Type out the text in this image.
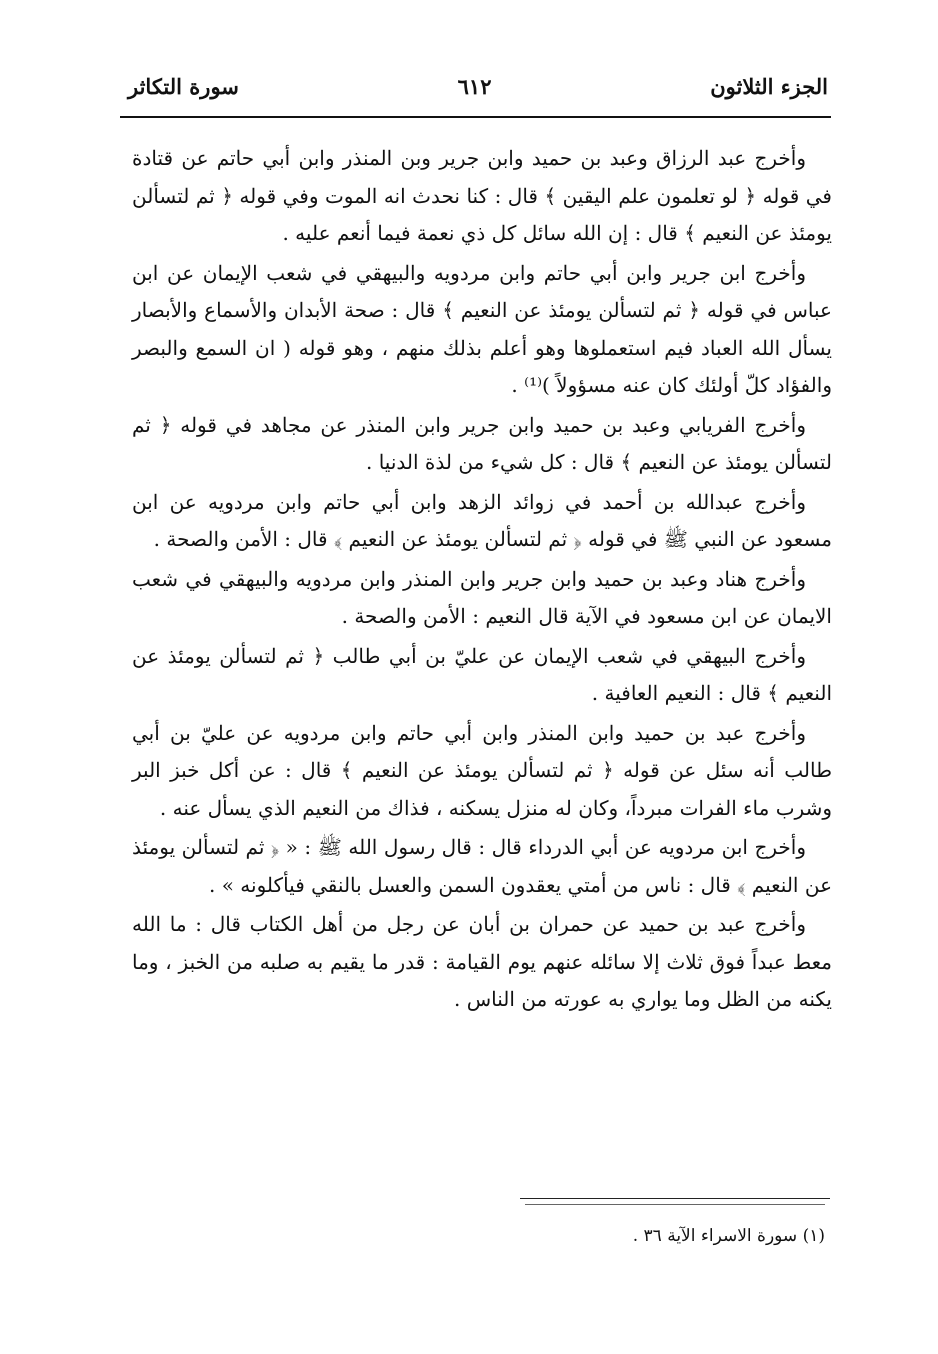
الجزء الثلاثون
٦١٢
سورة التكاثر

وأخرج عبد الرزاق وعبد بن حميد وابن جرير وبن المنذر وابن أبي حاتم عن قتادة في قوله ﴿ لو تعلمون علم اليقين ﴾ قال : كنا نحدث انه الموت وفي قوله ﴿ ثم لتسألن يومئذ عن النعيم ﴾ قال : إن الله سائل كل ذي نعمة فيما أنعم عليه .

وأخرج ابن جرير وابن أبي حاتم وابن مردويه والبيهقي في شعب الإيمان عن ابن عباس في قوله ﴿ ثم لتسألن يومئذ عن النعيم ﴾ قال : صحة الأبدان والأسماع والأبصار يسأل الله العباد فيم استعملوها وهو أعلم بذلك منهم ، وهو قوله ( ان السمع والبصر والفؤاد كلّ أولئك كان عنه مسؤولاً )⁽¹⁾ .

وأخرج الفريابي وعبد بن حميد وابن جرير وابن المنذر عن مجاهد في قوله ﴿ ثم لتسألن يومئذ عن النعيم ﴾ قال : كل شيء من لذة الدنيا .

وأخرج عبدالله بن أحمد في زوائد الزهد وابن أبي حاتم وابن مردويه عن ابن مسعود عن النبي ﷺ في قوله ﴿ ثم لتسألن يومئذ عن النعيم ﴾ قال : الأمن والصحة .

وأخرج هناد وعبد بن حميد وابن جرير وابن المنذر وابن مردويه والبيهقي في شعب الايمان عن ابن مسعود في الآية قال النعيم : الأمن والصحة .

وأخرج البيهقي في شعب الإيمان عن عليّ بن أبي طالب ﴿ ثم لتسألن يومئذ عن النعيم ﴾ قال : النعيم العافية .

وأخرج عبد بن حميد وابن المنذر وابن أبي حاتم وابن مردويه عن عليّ بن أبي طالب أنه سئل عن قوله ﴿ ثم لتسألن يومئذ عن النعيم ﴾ قال : عن أكل خبز البر وشرب ماء الفرات مبرداً، وكان له منزل يسكنه ، فذاك من النعيم الذي يسأل عنه .

وأخرج ابن مردويه عن أبي الدرداء قال : قال رسول الله ﷺ : « ﴿ ثم لتسألن يومئذ عن النعيم ﴾ قال : ناس من أمتي يعقدون السمن والعسل بالنقي فيأكلونه » .

وأخرج عبد بن حميد عن حمران بن أبان عن رجل من أهل الكتاب قال : ما الله معط عبداً فوق ثلاث إلا سائله عنهم يوم القيامة : قدر ما يقيم به صلبه من الخبز ، وما يكنه من الظل وما يواري به عورته من الناس .

(١) سورة الاسراء الآية ٣٦ .
